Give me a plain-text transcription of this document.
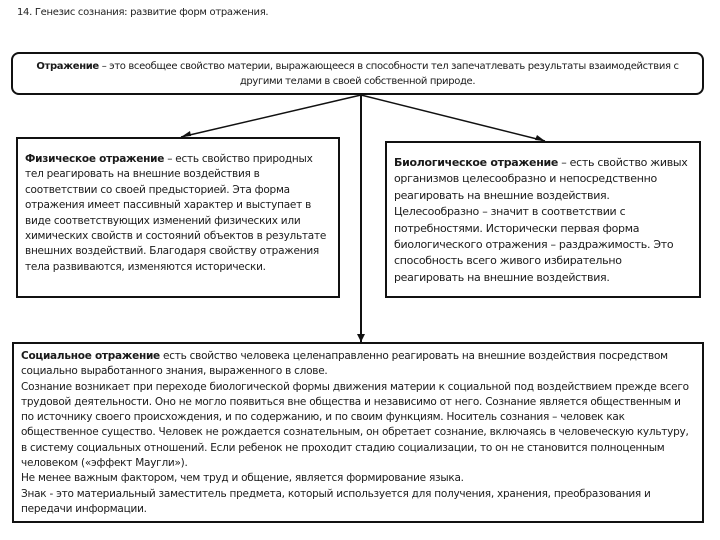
14. Генезис сознания: развитие форм отражения.
Отражение – это всеобщее свойство материи, выражающееся в способности тел запечатлевать результаты взаимодействия с другими телами в своей собственной природе.
Физическое отражение – есть свойство природных тел реагировать на внешние воздействия в соответствии со своей предысторией. Эта форма отражения имеет пассивный характер и выступает в виде соответствующих изменений физических или химических свойств и состояний объектов в результате внешних воздействий. Благодаря свойству отражения тела развиваются, изменяются исторически.
Биологическое отражение – есть свойство живых организмов целесообразно и непосредственно реагировать на внешние воздействия. Целесообразно – значит в соответствии с потребностями. Исторически первая форма биологического отражения – раздражимость. Это способность всего живого избирательно реагировать на внешние воздействия.

Социальное отражение есть свойство человека целенаправленно реагировать на внешние воздействия посредством социально выработанного знания, выраженного в слове.

Сознание возникает при переходе биологической формы движения материи к социальной под воздействием прежде всего трудовой деятельности. Оно не могло появиться вне общества и независимо от него. Сознание является общественным и по источнику своего происхождения, и по содержанию, и по своим функциям. Носитель сознания – человек как общественное существо. Человек не рождается сознательным, он обретает сознание, включаясь в человеческую культуру, в систему социальных отношений. Если ребенок не проходит стадию социализации, то он не становится полноценным человеком («эффект Маугли»).

Не менее важным фактором, чем труд и общение, является формирование языка.

Знак - это материальный заместитель предмета, который используется для получения, хранения, преобразования и передачи информации.
